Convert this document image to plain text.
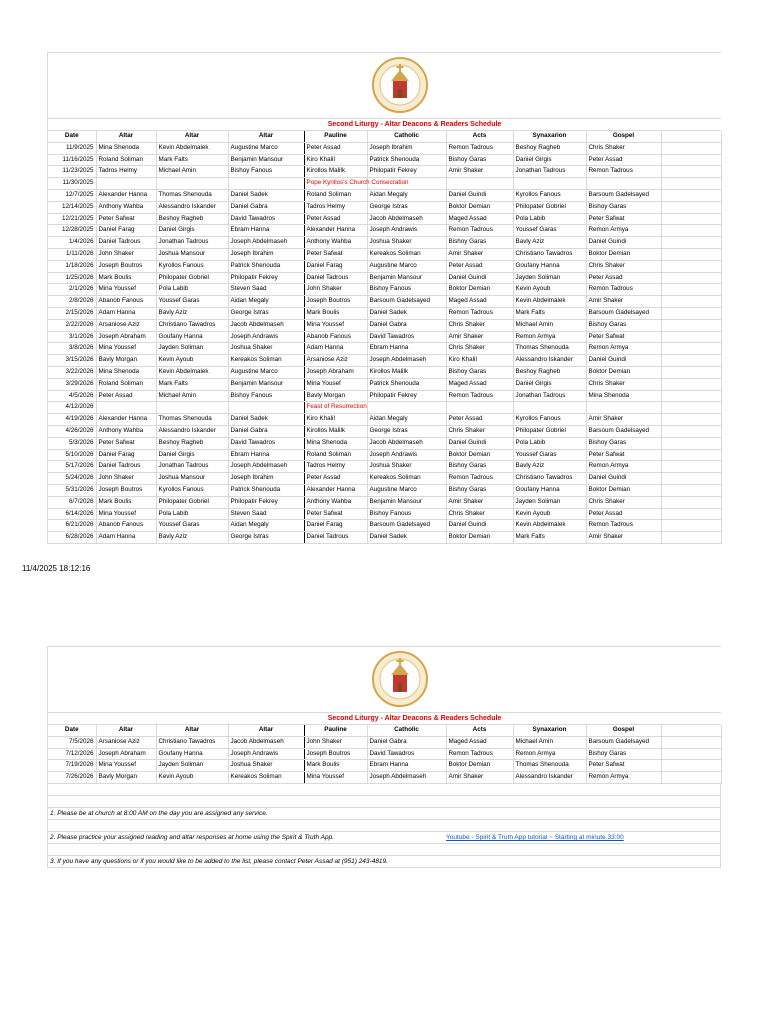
Second Liturgy - Altar Deacons & Readers Schedule
Date	Altar	Altar	Altar	Pauline	Catholic	Acts	Synaxarion	Gospel	
11/9/2025	Mina Shenoda	Kevin Abdelmalek	Augustine Marco	Peter Assad	Joseph Ibrahim	Remon Tadrous	Beshoy Ragheb	Chris Shaker	
11/16/2025	Roland Soliman	Mark Falts	Benjamin Mansour	Kiro Khalil	Patrick Shenouda	Bishoy Garas	Daniel Girgis	Peter Assad	
11/23/2025	Tadros Helmy	Michael Amin	Bishoy Fanous	Kirollos Malilk	Philopatir Fekrey	Amir Shaker	Jonathan Tadrous	Remon Tadrous	
11/30/2025				Pope Kyrillos's Church Consecration					
12/7/2025	Alexander Hanna	Thomas Shenouda	Daniel Sadek	Roland Soliman	Aidan Megaly	Daniel Guindi	Kyrollos Fanous	Barsoum Gadelsayed	
12/14/2025	Anthony Wahba	Alessandro Iskander	Daniel Gabra	Tadros Helmy	George Istras	Boktor Demian	Philopater Gobriel	Bishoy Garas	
12/21/2025	Peter Safwat	Beshoy Ragheb	David Tawadros	Peter Assad	Jacob Abdelmaseh	Maged Assad	Pola Labib	Peter Safwat	
12/28/2025	Daniel Farag	Daniel Girgis	Ebram Hanna	Alexander Hanna	Joseph Andrawis	Remon Tadrous	Youssef Garas	Remon Armya	
1/4/2026	Daniel Tadrous	Jonathan Tadrous	Joseph Abdelmaseh	Anthony Wahba	Joshua Shaker	Bishoy Garas	Bavly Aziz	Daniel Guindi	
1/11/2026	John Shaker	Joshua Mansour	Joseph Ibrahim	Peter Safwat	Kereakos Soliman	Amir Shaker	Christiano Tawadros	Boktor Demian	
1/18/2026	Joseph Boutros	Kyrollos Fanous	Patrick Shenouda	Daniel Farag	Augustine Marco	Peter Assad	Goufany Hanna	Chris Shaker	
1/25/2026	Mark Boulis	Philopater Gobriel	Philopatir Fekrey	Daniel Tadrous	Benjamin Mansour	Daniel Guindi	Jayden Soliman	Peter Assad	
2/1/2026	Mina Youssef	Pola Labib	Steven Saad	John Shaker	Bishoy Fanous	Boktor Demian	Kevin Ayoub	Remon Tadrous	
2/8/2026	Abanob Fanous	Youssef Garas	Aidan Megaly	Joseph Boutros	Barsoum Gadelsayed	Maged Assad	Kevin Abdelmalek	Amir Shaker	
2/15/2026	Adam Hanna	Bavly Aziz	George Istras	Mark Boulis	Daniel Sadek	Remon Tadrous	Mark Falts	Barsoum Gadelsayed	
2/22/2026	Arsaniose Aziz	Christiano Tawadros	Jacob Abdelmaseh	Mina Youssef	Daniel Gabra	Chris Shaker	Michael Amin	Bishoy Garas	
3/1/2026	Joseph Abraham	Goufany Hanna	Joseph Andrawis	Abanob Fanous	David Tawadros	Amir Shaker	Remon Armya	Peter Safwat	
3/8/2026	Mina Youssef	Jayden Soliman	Joshua Shaker	Adam Hanna	Ebram Hanna	Chris Shaker	Thomas Shenouda	Remon Armya	
3/15/2026	Bavly Morgan	Kevin Ayoub	Kereakos Soliman	Arsaniose Aziz	Joseph Abdelmaseh	Kiro Khalil	Alessandro Iskander	Daniel Guindi	
3/22/2026	Mina Shenoda	Kevin Abdelmalek	Augustine Marco	Joseph Abraham	Kirollos Malilk	Bishoy Garas	Beshoy Ragheb	Boktor Demian	
3/29/2026	Roland Soliman	Mark Falts	Benjamin Mansour	Mina Yousef	Patrick Shenouda	Maged Assad	Daniel Girgis	Chris Shaker	
4/5/2026	Peter Assad	Michael Amin	Bishoy Fanous	Bavly Morgan	Philopatir Fekrey	Remon Tadrous	Jonathan Tadrous	Mina Shenoda	
4/12/2026				Feast of Resurrection					
4/19/2026	Alexander Hanna	Thomas Shenouda	Daniel Sadek	Kiro Khalil	Aidan Megaly	Peter Assad	Kyrollos Fanous	Amir Shaker	
4/26/2026	Anthony Wahba	Alessandro Iskander	Daniel Gabra	Kirollos Malilk	George Istras	Chris Shaker	Philopater Gobriel	Barsoum Gadelsayed	
5/3/2026	Peter Safwat	Beshoy Ragheb	David Tawadros	Mina Shenoda	Jacob Abdelmaseh	Daniel Guindi	Pola Labib	Bishoy Garas	
5/10/2026	Daniel Farag	Daniel Girgis	Ebram Hanna	Roland Soliman	Joseph Andrawis	Boktor Demian	Youssef Garas	Peter Safwat	
5/17/2026	Daniel Tadrous	Jonathan Tadrous	Joseph Abdelmaseh	Tadros Helmy	Joshua Shaker	Bishoy Garas	Bavly Aziz	Remon Armya	
5/24/2026	John Shaker	Joshua Mansour	Joseph Ibrahim	Peter Assad	Kereakos Soliman	Remon Tadrous	Christiano Tawadros	Daniel Guindi	
5/31/2026	Joseph Boutros	Kyrollos Fanous	Patrick Shenouda	Alexander Hanna	Augustine Marco	Bishoy Garas	Goufany Hanna	Boktor Demian	
6/7/2026	Mark Boulis	Philopater Gobriel	Philopatir Fekrey	Anthony Wahba	Benjamin Mansour	Amir Shaker	Jayden Soliman	Chris Shaker	
6/14/2026	Mina Youssef	Pola Labib	Steven Saad	Peter Safwat	Bishoy Fanous	Chris Shaker	Kevin Ayoub	Peter Assad	
6/21/2026	Abanob Fanous	Youssef Garas	Aidan Megaly	Daniel Farag	Barsoum Gadelsayed	Daniel Guindi	Kevin Abdelmalek	Remon Tadrous	
6/28/2026	Adam Hanna	Bavly Aziz	George Istras	Daniel Tadrous	Daniel Sadek	Boktor Demian	Mark Falts	Amir Shaker	
11/4/2025 18:12:16
Second Liturgy - Altar Deacons & Readers Schedule
Date	Altar	Altar	Altar	Pauline	Catholic	Acts	Synaxarion	Gospel	
7/5/2026	Arsaniose Aziz	Christiano Tawadros	Jacob Abdelmaseh	John Shaker	Daniel Gabra	Maged Assad	Michael Amin	Barsoum Gadelsayed	
7/12/2026	Joseph Abraham	Goufany Hanna	Joseph Andrawis	Joseph Boutros	David Tawadros	Remon Tadrous	Remon Armya	Bishoy Garas	
7/19/2026	Mina Youssef	Jayden Soliman	Joshua Shaker	Mark Boulis	Ebram Hanna	Boktor Demian	Thomas Shenouda	Peter Safwat	
7/26/2026	Bavly Morgan	Kevin Ayoub	Kereakos Soliman	Mina Youssef	Joseph Abdelmaseh	Amir Shaker	Alessandro Iskander	Remon Armya	

1. Please be at church at 8:00 AM on the day you are assigned any service.

2. Please practice your assigned reading and altar responses at home using the Spirit & Truth App.	Youtube - Spirit & Truth App tutorial ~ Starting at minute 33:00

3. If you have any questions or if you would like to be added to the list, please contact Peter Assad at (951) 243-4819.
